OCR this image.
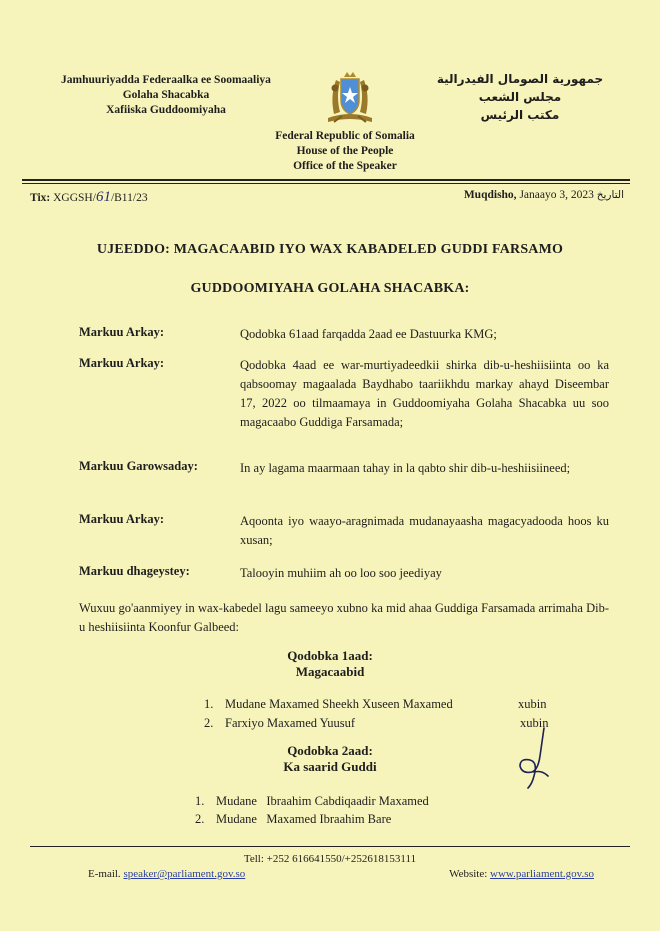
Jamhuuriyadda Federaalka ee Soomaaliya
Golaha Shacabka
Xafiiska Guddoomiyaha
جمهورية الصومال الفيدرالية
مجلس الشعب
مكتب الرئيس
Federal Republic of Somalia
House of the People
Office of the Speaker
Tix: XGGSH/61/B11/23	Muqdisho, Janaayo 3, 2023 التاريخ
UJEEDDO: MAGACAABID IYO WAX KABADELED GUDDI FARSAMO
GUDDOOMIYAHA GOLAHA SHACABKA:
Markuu Arkay:	Qodobka 61aad farqadda 2aad ee Dastuurka KMG;
Markuu Arkay:	Qodobka 4aad ee war-murtiyadeedkii shirka dib-u-heshiisiinta oo ka qabsoomay magaalada Baydhabo taariikhdu markay ahayd Diseembar 17, 2022 oo tilmaamaya in Guddoomiyaha Golaha Shacabka uu soo magacaabo Guddiga Farsamada;
Markuu Garowsaday:	In ay lagama maarmaan tahay in la qabto shir dib-u-heshiisiineed;
Markuu Arkay:	Aqoonta iyo waayo-aragnimada mudanayaasha magacyadooda hoos ku xusan;
Markuu dhageystey:	Talooyin muhiim ah oo loo soo jeediyay
Wuxuu go'aanmiyey in wax-kabedel lagu sameeyo xubno ka mid ahaa Guddiga Farsamada arrimaha Dib- u heshiisiinta Koonfur Galbeed:
Qodobka 1aad:
Magacaabid
1. Mudane Maxamed Sheekh Xuseen Maxamed	xubin
2. Farxiyo Maxamed Yuusuf	xubin
Qodobka 2aad:
Ka saarid Guddi
1. Mudane   Ibraahim Cabdiqaadir Maxamed
2. Mudane   Maxamed Ibraahim Bare
Tell: +252 616641550/+252618153111
E-mail. speaker@parliament.gov.so	Website: www.parliament.gov.so
